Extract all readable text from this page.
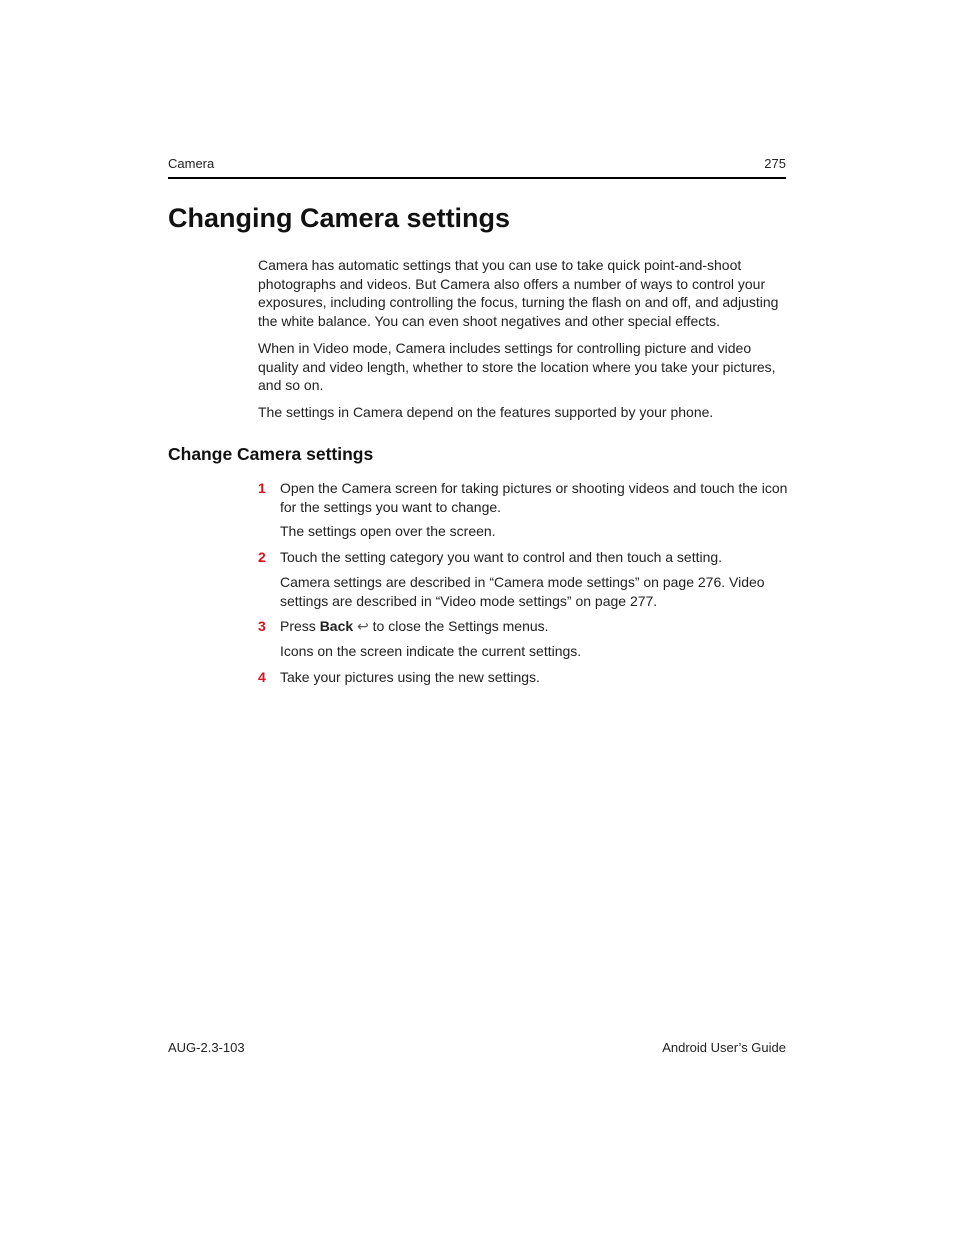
Camera	275
Changing Camera settings

Camera has automatic settings that you can use to take quick point-and-shoot photographs and videos. But Camera also offers a number of ways to control your exposures, including controlling the focus, turning the flash on and off, and adjusting the white balance. You can even shoot negatives and other special effects.

When in Video mode, Camera includes settings for controlling picture and video quality and video length, whether to store the location where you take your pictures, and so on.

The settings in Camera depend on the features supported by your phone.

Change Camera settings
1 Open the Camera screen for taking pictures or shooting videos and touch the icon for the settings you want to change.
The settings open over the screen.
2 Touch the setting category you want to control and then touch a setting.
Camera settings are described in “Camera mode settings” on page 276. Video settings are described in “Video mode settings” on page 277.
3 Press Back ↩ to close the Settings menus.
Icons on the screen indicate the current settings.
4 Take your pictures using the new settings.
AUG-2.3-103	Android User’s Guide
